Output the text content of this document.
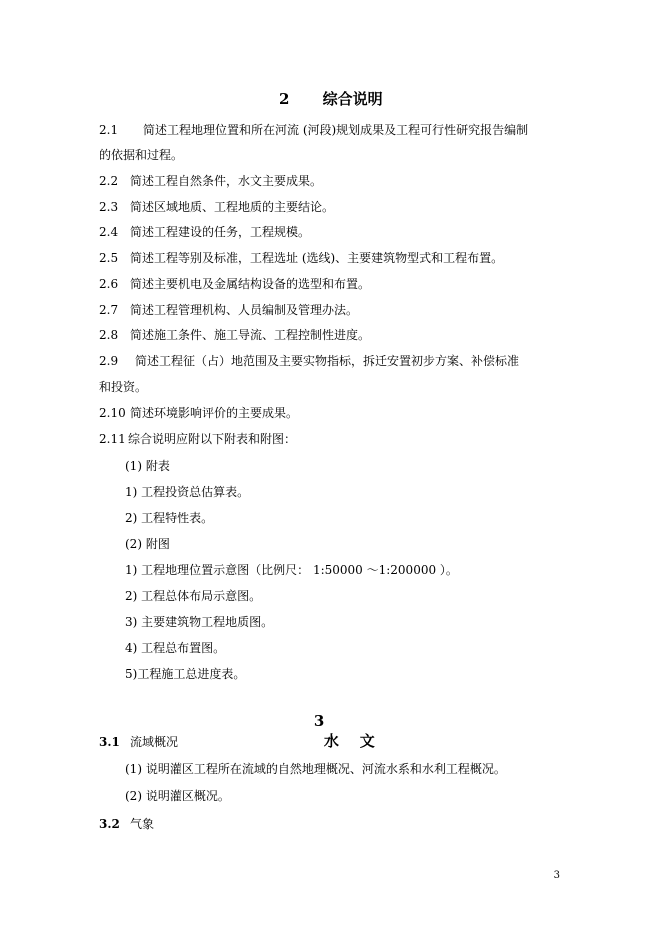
2 综合说明
2.1 简述工程地理位置和所在河流 (河段)规划成果及工程可行性研究报告编制
的依据和过程。
2.2 简述工程自然条件，水文主要成果。
2.3 简述区域地质、工程地质的主要结论。
2.4 简述工程建设的任务，工程规模。
2.5 简述工程等别及标准，工程选址 (选线)、主要建筑物型式和工程布置。
2.6 简述主要机电及金属结构设备的选型和布置。
2.7 简述工程管理机构、人员编制及管理办法。
2.8 简述施工条件、施工导流、工程控制性进度。
2.9 简述工程征（占）地范围及主要实物指标，拆迁安置初步方案、补偿标准
和投资。
2.10 简述环境影响评价的主要成果。
2.11 综合说明应附以下附表和附图：
(1) 附表
1) 工程投资总估算表。
2) 工程特性表。
(2) 附图
1) 工程地理位置示意图（比例尺： 1:50000 ～1:200000 ）。
2) 工程总体布局示意图。
3) 主要建筑物工程地质图。
4) 工程总布置图。
5)工程施工总进度表。

3
水    文

3.1 流域概况
(1) 说明灌区工程所在流域的自然地理概况、河流水系和水利工程概况。
(2) 说明灌区概况。
3.2 气象
3
